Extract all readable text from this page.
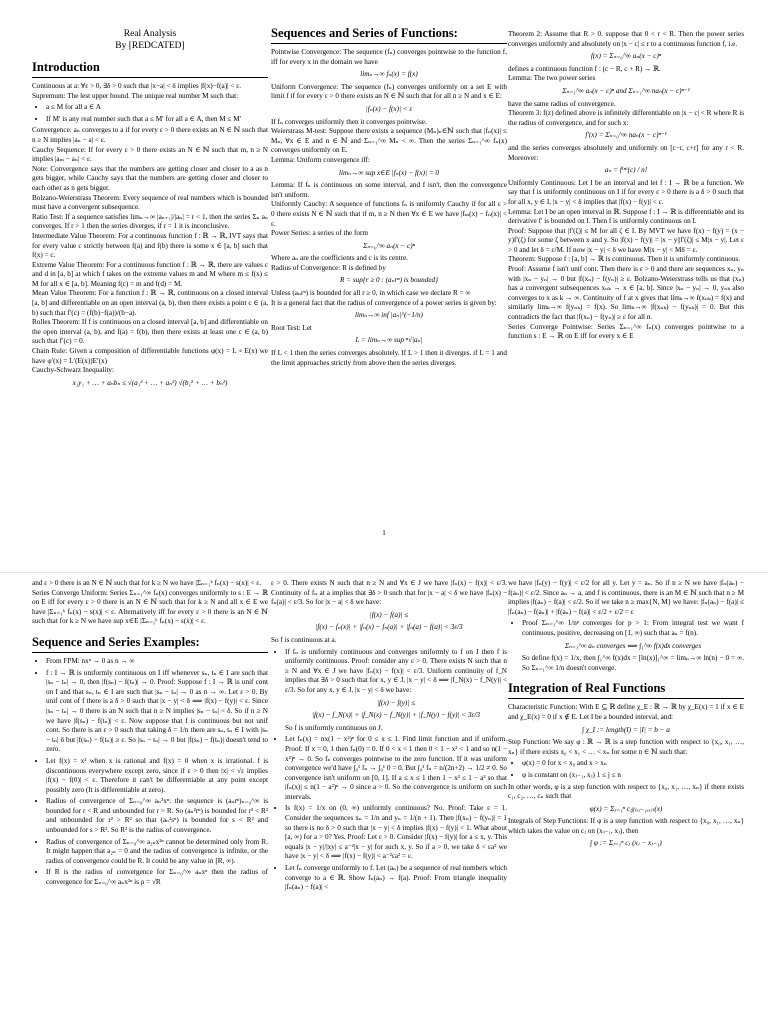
Real Analysis
By [REDCATED]
Introduction

Continuous at a: ∀ε > 0, ∃δ > 0 such that |x−a| < δ implies |f(x)−f(a)| < ε.

Supremum: The lest upper bound. The unique real number M such that:

• a ≤ M for all a ∈ A
• If M′ is any real number such that a ≤ M′ for all a ∈ A, then M ≤ M′

Convergence: aₙ converges to a if for every ε > 0 there exists an N ∈ ℕ such that n ≥ N implies |aₙ − a| < ε.

Cauchy Sequence: If for every ε > 0 there exists an N ∈ ℕ such that m, n ≥ N implies |aₘ − aₙ| < ε.

Note: Convergence says that the numbers are getting closer and closer to a as n gets bigger, while Cauchy says that the numbers are getting closer and closer to each other as n gets bigger.

Bolzano-Weierstrass Theorem: Every sequence of real numbers which is bounded must have a convergent subsequence.

Ratio Test: If a sequence satisfies limₙ→∞ |aₙ₊₁|/|aₙ| = r < 1, then the series Σₙ aₙ converges. If r > 1 then the series diverges, if r = 1 it is inconclusive.

Intermediate Value Theorem: For a continuous function f : ℝ → ℝ, IVT says that for every value c strictly between f(a) and f(b) there is some x ∈ [a, b] such that f(x) = c.

Extreme Value Theorem: For a continuous function f : ℝ → ℝ, there are values c and d in [a, b] at which f takes on the extreme values m and M where m ≤ f(x) ≤ M for all x ∈ [a, b]. Meaning f(c) = m and f(d) = M.

Mean Value Theorem: For a function f : ℝ → ℝ, continuous on a closed interval [a, b] and differentiable on an open interval (a, b), then there exists a point c ∈ (a, b) such that f′(c) = (f(b)−f(a))/(b−a).

Rolles Theorem: If f is continuous on a closed interval [a, b] and differentiable on the open interval (a, b), and f(a) = f(b), then there exists at least one c ∈ (a, b) such that f′(c) = 0.

Chain Rule: Given a composition of differentiable functions φ(x) = L ∘ E(x) we have φ′(x) = L′(E(x))E′(x)

Cauchy-Schwarz Inequality:

x₁y₁ + … + aₙbₙ ≤ √(a₁² + … + aₙ²) √(b₁² + … + bₙ²)
Sequences and Series of Functions:

Pointwise Convergence: The sequence (fₙ) converges pointwise to the function f, iff for every x in the domain we have

limₙ→∞ fₙ(x) = f(x)

Uniform Convergence: The sequence (fₙ) converges uniformly on a set E with limit f if for every ε > 0 there exists an N ∈ ℕ such that for all n ≥ N and x ∈ E:

|fₙ(x) − f(x)| < ε

If fₙ converges uniformly then it converges pointwise.

Weierstrass M-test: Suppose there exists a sequence (Mₙ)ₙ∈ℕ such that |fₙ(x)| ≤ Mₙ, ∀x ∈ E and n ∈ ℕ and Σₙ₌₁^∞ Mₙ < ∞. Then the series Σₙ₌₁^∞ fₙ(x) converges uniformly on E.

Lemma: Uniform convergence iff:

limₙ→∞ sup x∈E |fₙ(x) − f(x)| = 0

Lemma: If fₙ is continuous on some interval, and f isn't, then the convergence isn't uniform.

Uniformly Cauchy: A sequence of functions fₙ is uniformly Cauchy if for all ε > 0 there exists N ∈ ℕ such that if m, n ≥ N then ∀x ∈ E we have |fₘ(x) − fₙ(x)| < ε.

Power Series: a series of the form

Σₙ₌₀^∞ aₙ(x − c)ⁿ

Where aₙ are the coefficients and c is its centre.

Radius of Convergence: R is defined by

R = sup{r ≥ 0 : (aₙrⁿ) is bounded}

Unless (aₙrⁿ) is bounded for all r ≥ 0, in which case we declare R = ∞

It is a general fact that the radius of convergence of a power series is given by:

limₙ→∞ inf |aₙ|^(−1/n)

Root Test: Let

L = limₙ→∞ sup ⁿ√|aₙ|

If L < 1 then the series converges absolutely. If L > 1 then it diverges. if L = 1 and the limit approaches strictly from above then the series diverges.

Theorem 2: Assume that R > 0. suppose that 0 < r < R. Then the power series converges uniformly and absolutely on |x − c| ≤ r to a continuous function f, i.e.

f(x) = Σₙ₌₀^∞ aₙ(x − c)ⁿ

defines a continuous function f : (c − R, c + R) → ℝ.

Lemma: The two power series

Σₙ₌₁^∞ aₙ(x − c)ⁿ and Σₙ₌₁^∞ naₙ(x − c)ⁿ⁻¹

have the same radius of convergence.

Theorem 3: f(z) defined above is infinitely differentiable on |x − c| < R where R is the radius of convergence, and for such x:

f′(x) = Σₙ₌₀^∞ naₙ(x − c)ⁿ⁻¹

and the series converges absolutely and uniformly on [c−r, c+r] for any r < R. Moreover:

aₙ = f⁽ⁿ⁾(c) / n!

Uniformly Continuous: Let I be an interval and let f : I → ℝ be a function. We say that f is uniformly continuous on I if for every ε > 0 there is a δ > 0 such that for all x, y ∈ I, |x − y| < δ implies that |f(x) − f(y)| < ε.

Lemma: Let I be an open interval in ℝ. Suppose f : I → ℝ is differentiable and its derivative f′ is bounded on I. Then f is uniformly continuous on I.

Proof: Suppose that |f′(ζ)| ≤ M for all ζ ∈ I. By MVT we have f(x) − f(y) = (x − y)f′(ζ) for some ζ between x and y. So |f(x) − f(y)| = |x − y||f′(ζ)| ≤ M|x − y|. Let ε > 0 and let δ = ε/M. If now |x − y| < δ we have M|x − y| < Mδ = ε.

Theorem: Suppose f : [a, b] → ℝ is continuous. Then it is uniformly continuous.

Proof: Assume f isn't unif cont. Then there is ε > 0 and there are sequences xₙ, yₙ with |xₙ − yₙ| → 0 but |f(xₙ) − f(yₙ)| ≥ ε. Bolzano-Weierstrass tells us that (xₙ) has a convergent subsequences xₙₖ → x ∈ [a, b]. Since |xₙ − yₙ| → 0, yₙₖ also converges to x as k → ∞. Continuity of f at x gives that limₖ→∞ f(xₙₖ) = f(x) and similarly limₖ→∞ f(yₙₖ) = f(x). So limₖ→∞ |f(xₙₖ) − f(yₙₖ)| = 0. But this contradicts the fact that |f(xₙ) − f(yₙ)| ≥ ε for all n.

Series Converge Pointwise: Series Σₙ₌₁^∞ fₙ(x) converges pointwise to a function s : E → ℝ on E iff for every x ∈ E

1

and ε > 0 there is an N ∈ ℕ such that for k ≥ N we have |Σₙ₌₁ᵏ fₙ(x) − s(x)| < ε.

Series Converge Uniform: Series Σₙ₌₁^∞ fₙ(x) converges uniformly to s : E → ℝ on E iff for every ε > 0 there is an N ∈ ℕ such that for k ≥ N and all x ∈ E we have |Σₙ₌₁ᵏ fₙ(x) − s(x)| < ε. Alternatively iff for every ε > 0 there is an N ∈ ℕ such that for k ≥ N we have sup x∈E |Σₙ₌₁ᵏ fₙ(x) − s(x)| < ε.

Sequence and Series Examples:
• From FPM: nxⁿ → 0 as n → ∞
• f : I → ℝ is uniformly continuous on I iff whenever sₙ, tₙ ∈ I are such that |sₙ − tₙ| → 0, then |f(sₙ) − f(tₙ)| → 0. Proof: Suppose f : I → ℝ is unif cont on I and that sₙ, tₙ ∈ I are such that |sₙ − tₙ| → 0 as n → ∞. Let ε > 0. By unif cont of f there is a δ > 0 such that |x − y| < δ ⟹ |f(x) − f(y)| < ε. Since |sₙ − tₙ| → 0 there is an N such that n ≥ N implies |sₙ − tₙ| < δ. So if n ≥ N we have |f(sₙ) − f(tₙ)| < ε. Now suppose that f is continuous but not unif cont. So there is an ε > 0 such that taking δ = 1/n there are sₙ, tₙ ∈ I with |sₙ − tₙ| δ but |f(sₙ) − f(tₙ)| ≥ ε. So |sₙ − tₙ| → 0 but |f(sₙ) − f(tₙ)| doesn't tend to zero.
• Let f(x) = x² when x is rational and f(x) = 0 when x is irrational. f is discontinuous everywhere except zero, since if ε > 0 then |x| < √ε implies |f(x) − f(0)| < ε. Therefore it can't be differentiable at any point except possibly zero (It is differentiable at zero).
• Radius of convergence of Σₙ₌₀^∞ aₙ²xⁿ: the sequence is (aₙrⁿ)ₙ₌₀^∞ is bounded for r < R and unbounded for r > R. So (aₙ²rⁿ) is bounded for r² < R² and unbounded for r² > R² so that (aₙ²sⁿ) is bounded for s < R² and unbounded for s > R². So R² is the radius of convergence.
• Radius of convergence of Σₙ₌₀^∞ a₂ₙx²ⁿ cannot be determined only from R. It might happen that a₂ₙ = 0 and the radius of convergence is infinite, or the radius of convergence could be R. It could be any value in [R, ∞).
• If R is the radius of convergence for Σₙ₌₀^∞ aₙxⁿ then the radius of convergence for Σₙ₌₀^∞ aₙx²ⁿ is ρ = √R

ε > 0. There exists N such that n ≥ N and ∀x ∈ J we have |fₙ(x) − f(x)| < ε/3. Continuity of fₙ at a implies that ∃δ > 0 such that for |x − a| < δ we have |fₙ(x) − fₙ(a)| < ε/3. So for |x − a| < δ we have:

|f(x) − f(a)| ≤
|f(x) − fₙ(x)| + |fₙ(x) − fₙ(a)| + |fₙ(a) − f(a)| < 3ε/3

So f is continuous at a.

• If fₙ is uniformly continuous and converges uniformly to f on J then f is uniformly continuous. Proof: consider any ε > 0. There exists N such that n ≥ N and ∀x ∈ J we have |fₙ(x) − f(x)| < ε/3. Uniform continuity of f_N implies that ∃δ > 0 such that for x, y ∈ J, |x − y| < δ ⟹ |f_N(x) − f_N(y)| < ε/3. So for any x, y ∈ J, |x − y| < δ we have:
|f(x) − f(y)| ≤
|f(x) − f_N(x)| + |f_N(x) − f_N(y)| + |f_N(y) − f(y)| < 3ε/3
So f is uniformly continuous on J.
• Let fₙ(x) = nx(1 − x²)ⁿ for 0 ≤ x ≤ 1. Find limit function and if uniform. Proof: If x = 0, 1 then fₙ(0) = 0. If 0 < x < 1 then 0 < 1 − x² < 1 and so n(1 − x²)ⁿ → 0. So fₙ converges pointwise to the zero function. If it was uniform convergence we'd have ∫₀¹ fₙ → ∫₀¹ 0 = 0. But ∫₀¹ fₙ = n/(2n+2) → 1/2 ≠ 0. So convergence isn't uniform on [0, 1]. If a ≤ x ≤ 1 then 1 − x² ≤ 1 − a² so that |fₙ(x)| ≤ n(1 − a²)ⁿ → 0 since a > 0. So the convergence is uniform on such intervals.
• Is f(x) = 1/x on (0, ∞) uniformly continuous? No. Proof: Take ε = 1. Consider the sequences xₙ = 1/n and yₙ = 1/(n + 1). Then |f(xₙ) − f(yₙ)| = 1 so there is no δ > 0 such that |x − y| < δ implies |f(x) − f(y)| < 1. What about [a, ∞) for a > 0? Yes. Proof: Let ε > 0. Consider |f(x) − f(y)| for a ≤ x, y. This equals |x − y|/|xy| ≤ a⁻²|x − y| for such x, y. So if a > 0, we take δ < εa² we have |x − y| < δ ⟹ |f(x) − f(y)| < a⁻²εa² = ε.
• Let fₙ converge uniformly to f. Let (aₙ) be a sequence of real numbers which converge to a ∈ ℝ. Show fₙ(aₙ) → f(a). Proof: From triangle inequality |fₙ(aₙ) − f(a)| <

we have |fₙ(y) − f(y)| < ε/2 for all y. Let y = aₙ. So if n ≥ N we have |fₙ(aₙ) − f(aₙ)| < ε/2. Since aₙ → a, and f is continuous, there is an M ∈ ℕ such that n ≥ M implies |f(aₙ) − f(a)| < ε/2. So if we take n ≥ max{N, M} we have: |fₙ(aₙ) − f(a)| ≤ |fₙ(aₙ) − f(aₙ)| + |f(aₙ) − f(a)| < ε/2 + ε/2 = ε

• Proof Σₙ₌₁^∞ 1/nᵖ converges for p > 1: From integral test we want f continuous, positive, decreasing on [1, ∞) such that aₙ = f(n).
Σₙ₌₁^∞ aₙ converges ⟺ ∫₁^∞ f(x)dx converges
So define f(x) = 1/x, then ∫₁^∞ f(x)dx = [ln(x)]₁^∞ = limₙ→∞ ln(n) − 0 = ∞. So Σₙ₌₁^∞ 1/n doesn't converge.
Integration of Real Functions

Characteristic Function: With E ⊆ ℝ define χ_E : ℝ → ℝ by χ_E(x) = 1 if x ∈ E and χ_E(x) = 0 if x ∉ E. Let I be a bounded interval, and:

∫ χ_I := length(I) = |I| = b − a

Step Function: We say φ : ℝ → ℝ is a step function with respect to {x₀, x₁, …, xₙ} if there exists x₀ < x₁ < … < xₙ for some n ∈ ℕ such that:

• φ(x) = 0 for x < x₀ and x > xₙ
• φ is constant on (xⱼ₋₁, xⱼ) 1 ≤ j ≤ n

In other words, φ is a step function with respect to {x₀, x₁, …, xₙ} if there exists c₁, c₂, …, cₙ such that

φ(x) = Σⱼ₌₁ⁿ cⱼχ₍ₓⱼ₋₁,ₓⱼ₎(x)

Integrals of Step Functions: If φ is a step function with respect to {x₀, x₁, …, xₙ} which takes the value on cⱼ on (xⱼ₋₁, xⱼ), then

∫ φ := Σⱼ₌₁ⁿ cⱼ (xⱼ − xⱼ₋₁)
